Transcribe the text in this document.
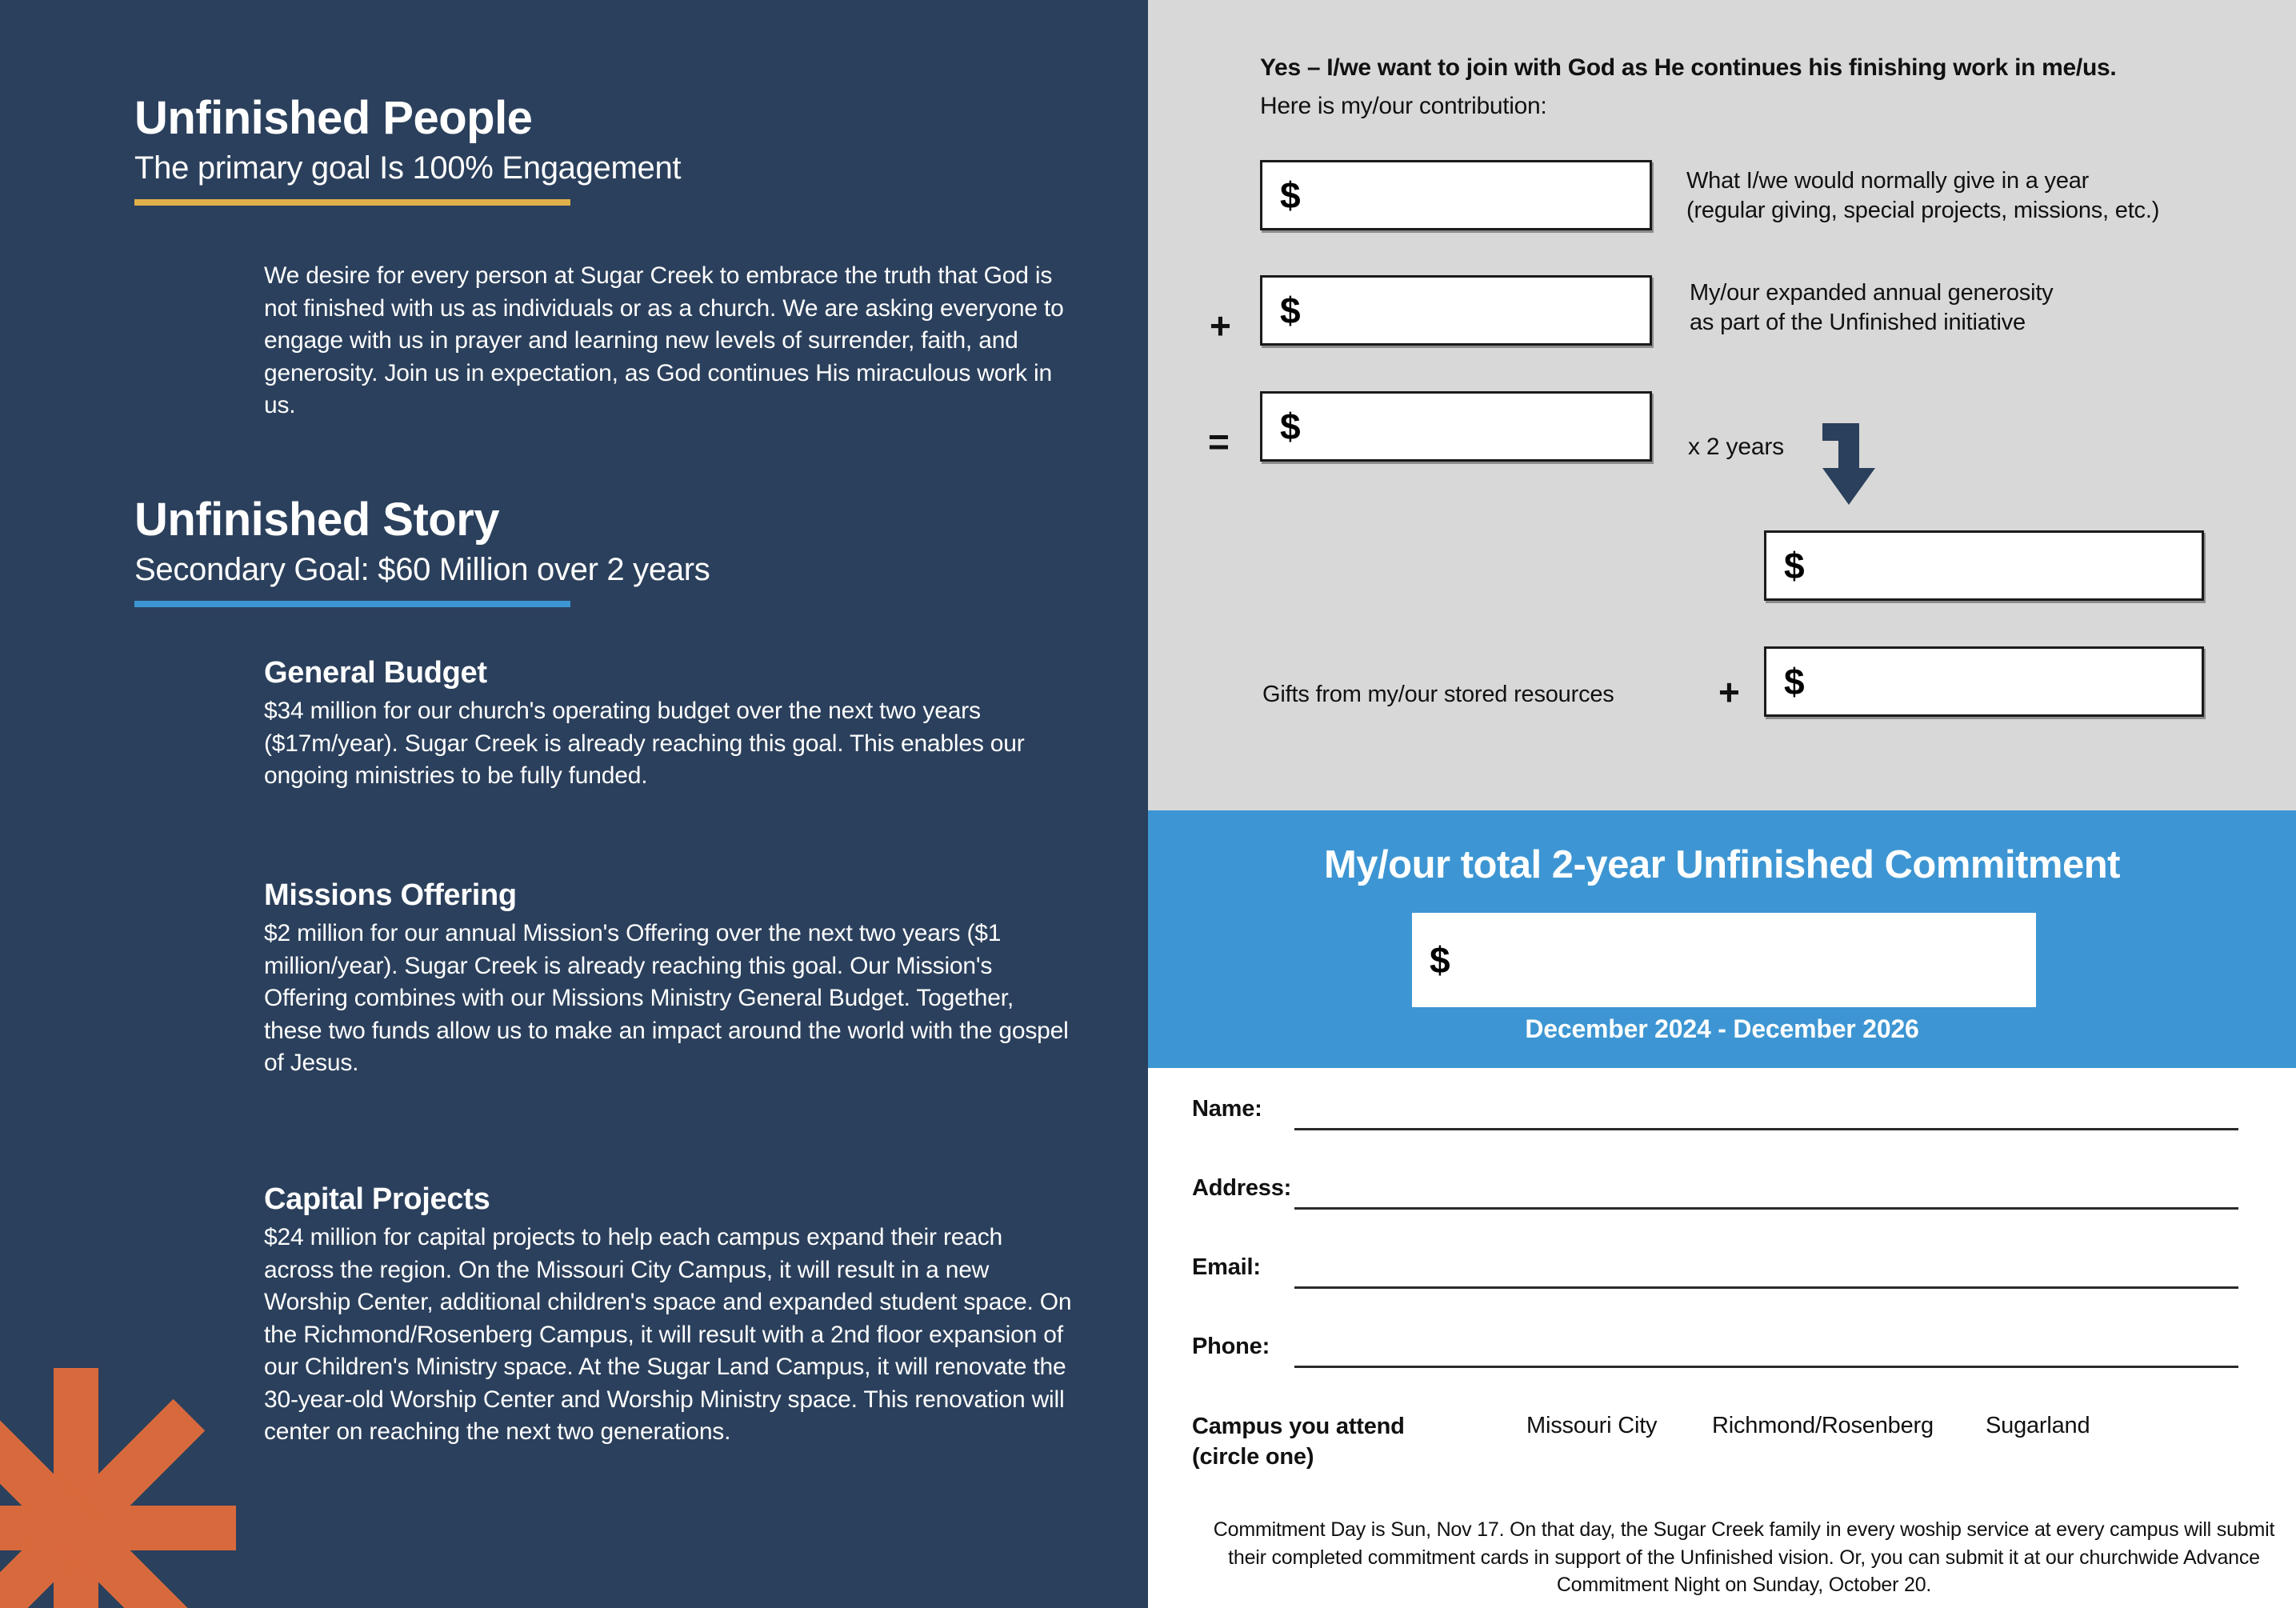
Unfinished People
The primary goal Is 100% Engagement
We desire for every person at Sugar Creek to embrace the truth that God is not finished with us as individuals or as a church. We are asking everyone to engage with us in prayer and learning new levels of surrender, faith, and generosity. Join us in expectation, as God continues His miraculous work in us.
Unfinished Story
Secondary Goal: $60 Million over 2 years
General Budget
$34 million for our church's operating budget over the next two years ($17m/year). Sugar Creek is already reaching this goal. This enables our ongoing ministries to be fully funded.
Missions Offering
$2 million for our annual Mission's Offering over the next two years ($1 million/year). Sugar Creek is already reaching this goal. Our Mission's Offering combines with our Missions Ministry General Budget. Together, these two funds allow us to make an impact around the world with the gospel of Jesus.
Capital Projects
$24 million for capital projects to help each campus expand their reach across the region. On the Missouri City Campus, it will result in a new Worship Center, additional children's space and expanded student space. On the Richmond/Rosenberg Campus, it will result with a 2nd floor expansion of our Children's Ministry space. At the Sugar Land Campus, it will renovate the 30-year-old Worship Center and Worship Ministry space. This renovation will center on reaching the next two generations.
Yes – I/we want to join with God as He continues his finishing work in me/us.
Here is my/our contribution:
$	What I/we would normally give in a year
(regular giving, special projects, missions, etc.)
+ $	My/our expanded annual generosity
as part of the Unfinished initiative
= $	x 2 years
$
Gifts from my/our stored resources	+ $
My/our total 2-year Unfinished Commitment
December 2024 - December 2026
$
Name:
Address:
Email:
Phone:
Campus you attend
(circle one)
Missouri City Richmond/Rosenberg Sugarland
Commitment Day is Sun, Nov 17. On that day, the Sugar Creek family in every woship service at every campus will submit their completed commitment cards in support of the Unfinished vision. Or, you can submit it at our churchwide Advance Commitment Night on Sunday, October 20.
